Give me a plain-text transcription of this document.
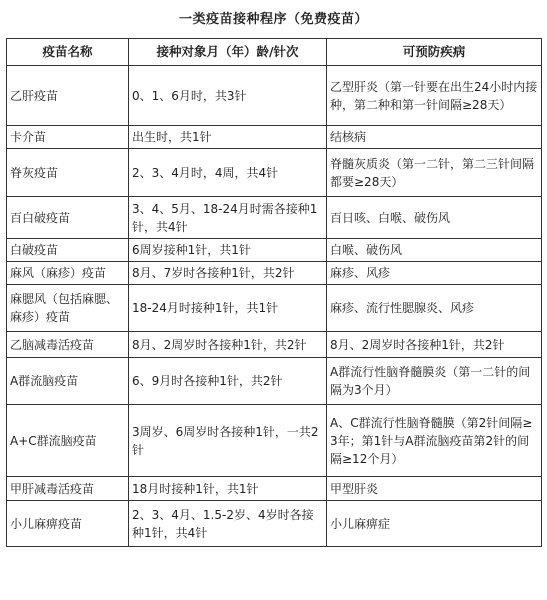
一类疫苗接种程序（免费疫苗）
疫苗名称	接种对象月（年）龄/针次	可预防疾病
乙肝疫苗	0、1、6月时，共3针	乙型肝炎（第一针要在出生24小时内接种，第二种和第一针间隔≥28天）
卡介苗	出生时，共1针	结核病
脊灰疫苗	2、3、4月时，4周，共4针	脊髓灰质炎（第一二针，第二三针间隔都要≥28天）
百白破疫苗	3、4、5月、18-24月时需各接种1针，共4针	百日咳、白喉、破伤风
白破疫苗	6周岁接种1针，共1针	白喉、破伤风
麻风（麻疹）疫苗	8月、7岁时各接种1针，共2针	麻疹、风疹
麻腮风（包括麻腮、麻疹）疫苗	18-24月时接种1针，共1针	麻疹、流行性腮腺炎、风疹
乙脑减毒活疫苗	8月、2周岁时各接种1针，共2针	8月、2周岁时各接种1针，共2针
A群流脑疫苗	6、9月时各接种1针，共2针	A群流行性脑脊髓膜炎（第一二针的间隔为3个月）
A+C群流脑疫苗	3周岁、6周岁时各接种1针，一共2针	A、C群流行性脑脊髓膜（第2针间隔≥3年；第1针与A群流脑疫苗第2针的间隔≥12个月）
甲肝减毒活疫苗	18月时接种1针，共1针	甲型肝炎
小儿麻痹疫苗	2、3、4月、1.5-2岁、4岁时各接种1针，共4针	小儿麻痹症
